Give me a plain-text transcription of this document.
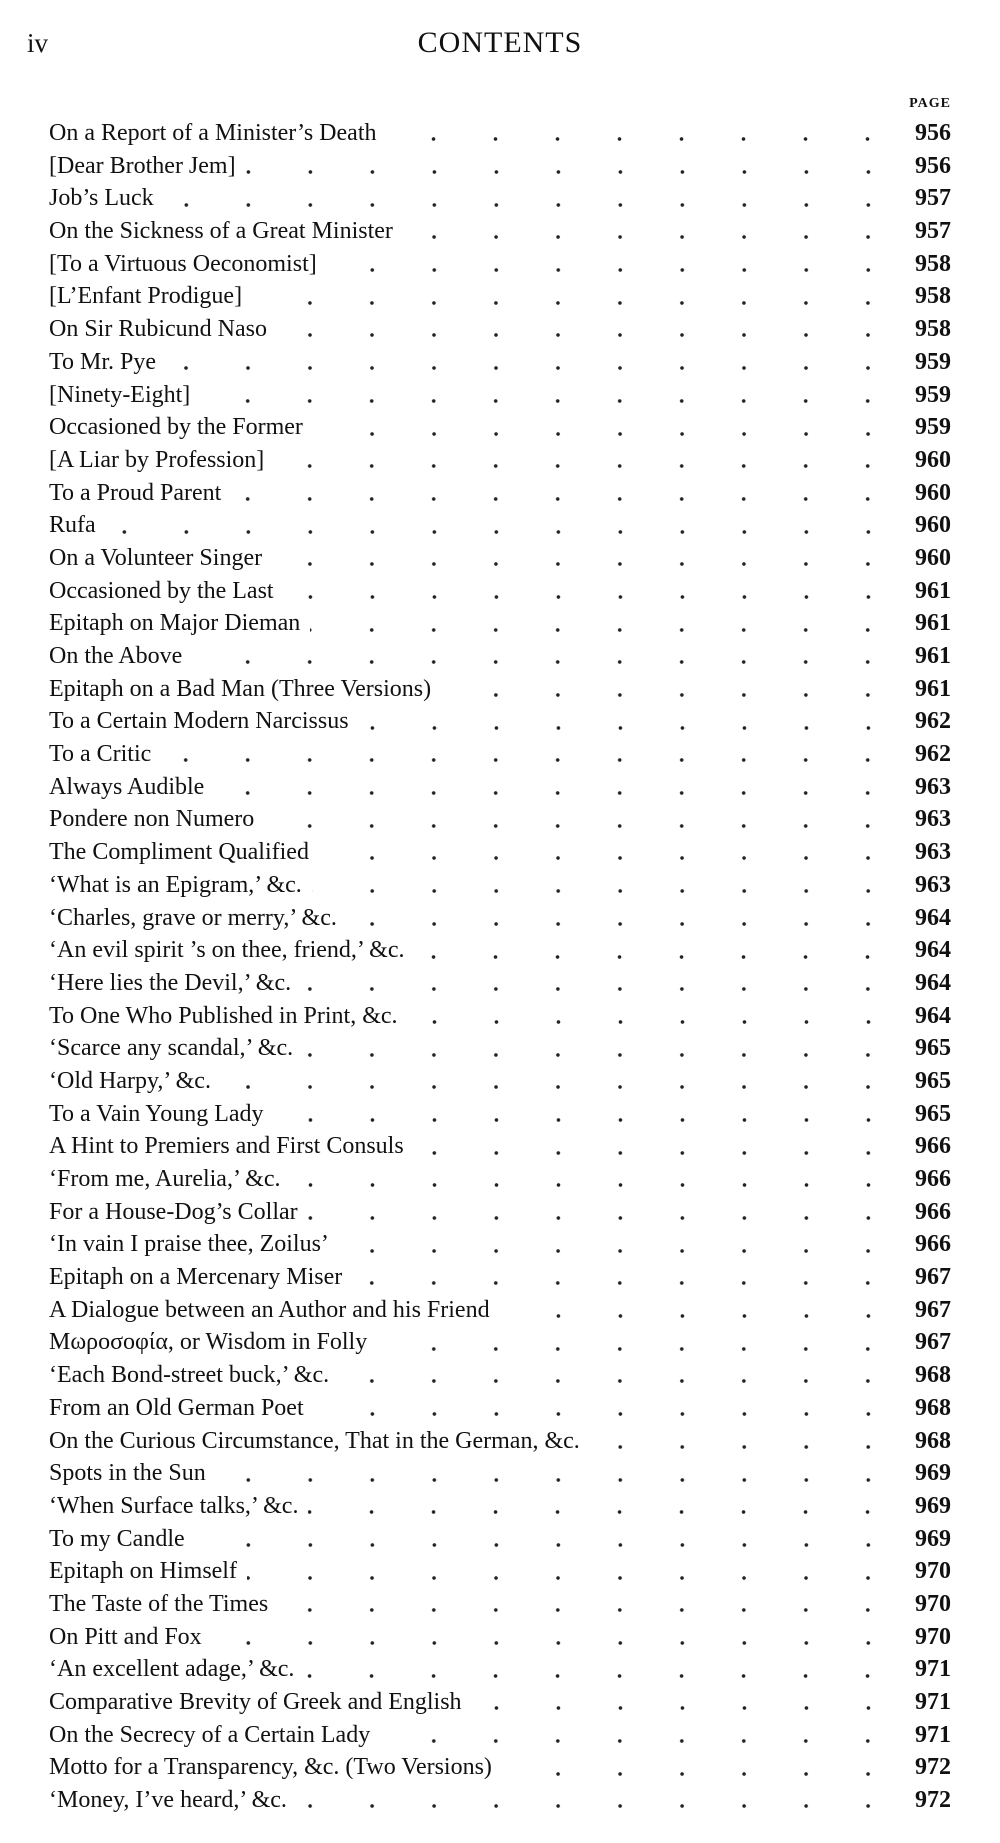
iv	CONTENTS
PAGE
On a Report of a Minister’s Death	956
[Dear Brother Jem]	956
Job’s Luck	957
On the Sickness of a Great Minister	957
[To a Virtuous Oeconomist]	958
[L’Enfant Prodigue]	958
On Sir Rubicund Naso	958
To Mr. Pye	959
[Ninety-Eight]	959
Occasioned by the Former	959
[A Liar by Profession]	960
To a Proud Parent	960
Rufa	960
On a Volunteer Singer	960
Occasioned by the Last	961
Epitaph on Major Dieman	961
On the Above	961
Epitaph on a Bad Man (Three Versions)	961
To a Certain Modern Narcissus	962
To a Critic	962
Always Audible	963
Pondere non Numero	963
The Compliment Qualified	963
‘What is an Epigram,’ &c.	963
‘Charles, grave or merry,’ &c.	964
‘An evil spirit ’s on thee, friend,’ &c.	964
‘Here lies the Devil,’ &c.	964
To One Who Published in Print, &c.	964
‘Scarce any scandal,’ &c.	965
‘Old Harpy,’ &c.	965
To a Vain Young Lady	965
A Hint to Premiers and First Consuls	966
‘From me, Aurelia,’ &c.	966
For a House-Dog’s Collar	966
‘In vain I praise thee, Zoilus’	966
Epitaph on a Mercenary Miser	967
A Dialogue between an Author and his Friend	967
Μωροσοφία, or Wisdom in Folly	967
‘Each Bond-street buck,’ &c.	968
From an Old German Poet	968
On the Curious Circumstance, That in the German, &c.	968
Spots in the Sun	969
‘When Surface talks,’ &c.	969
To my Candle	969
Epitaph on Himself	970
The Taste of the Times	970
On Pitt and Fox	970
‘An excellent adage,’ &c.	971
Comparative Brevity of Greek and English	971
On the Secrecy of a Certain Lady	971
Motto for a Transparency, &c. (Two Versions)	972
‘Money, I’ve heard,’ &c.	972
